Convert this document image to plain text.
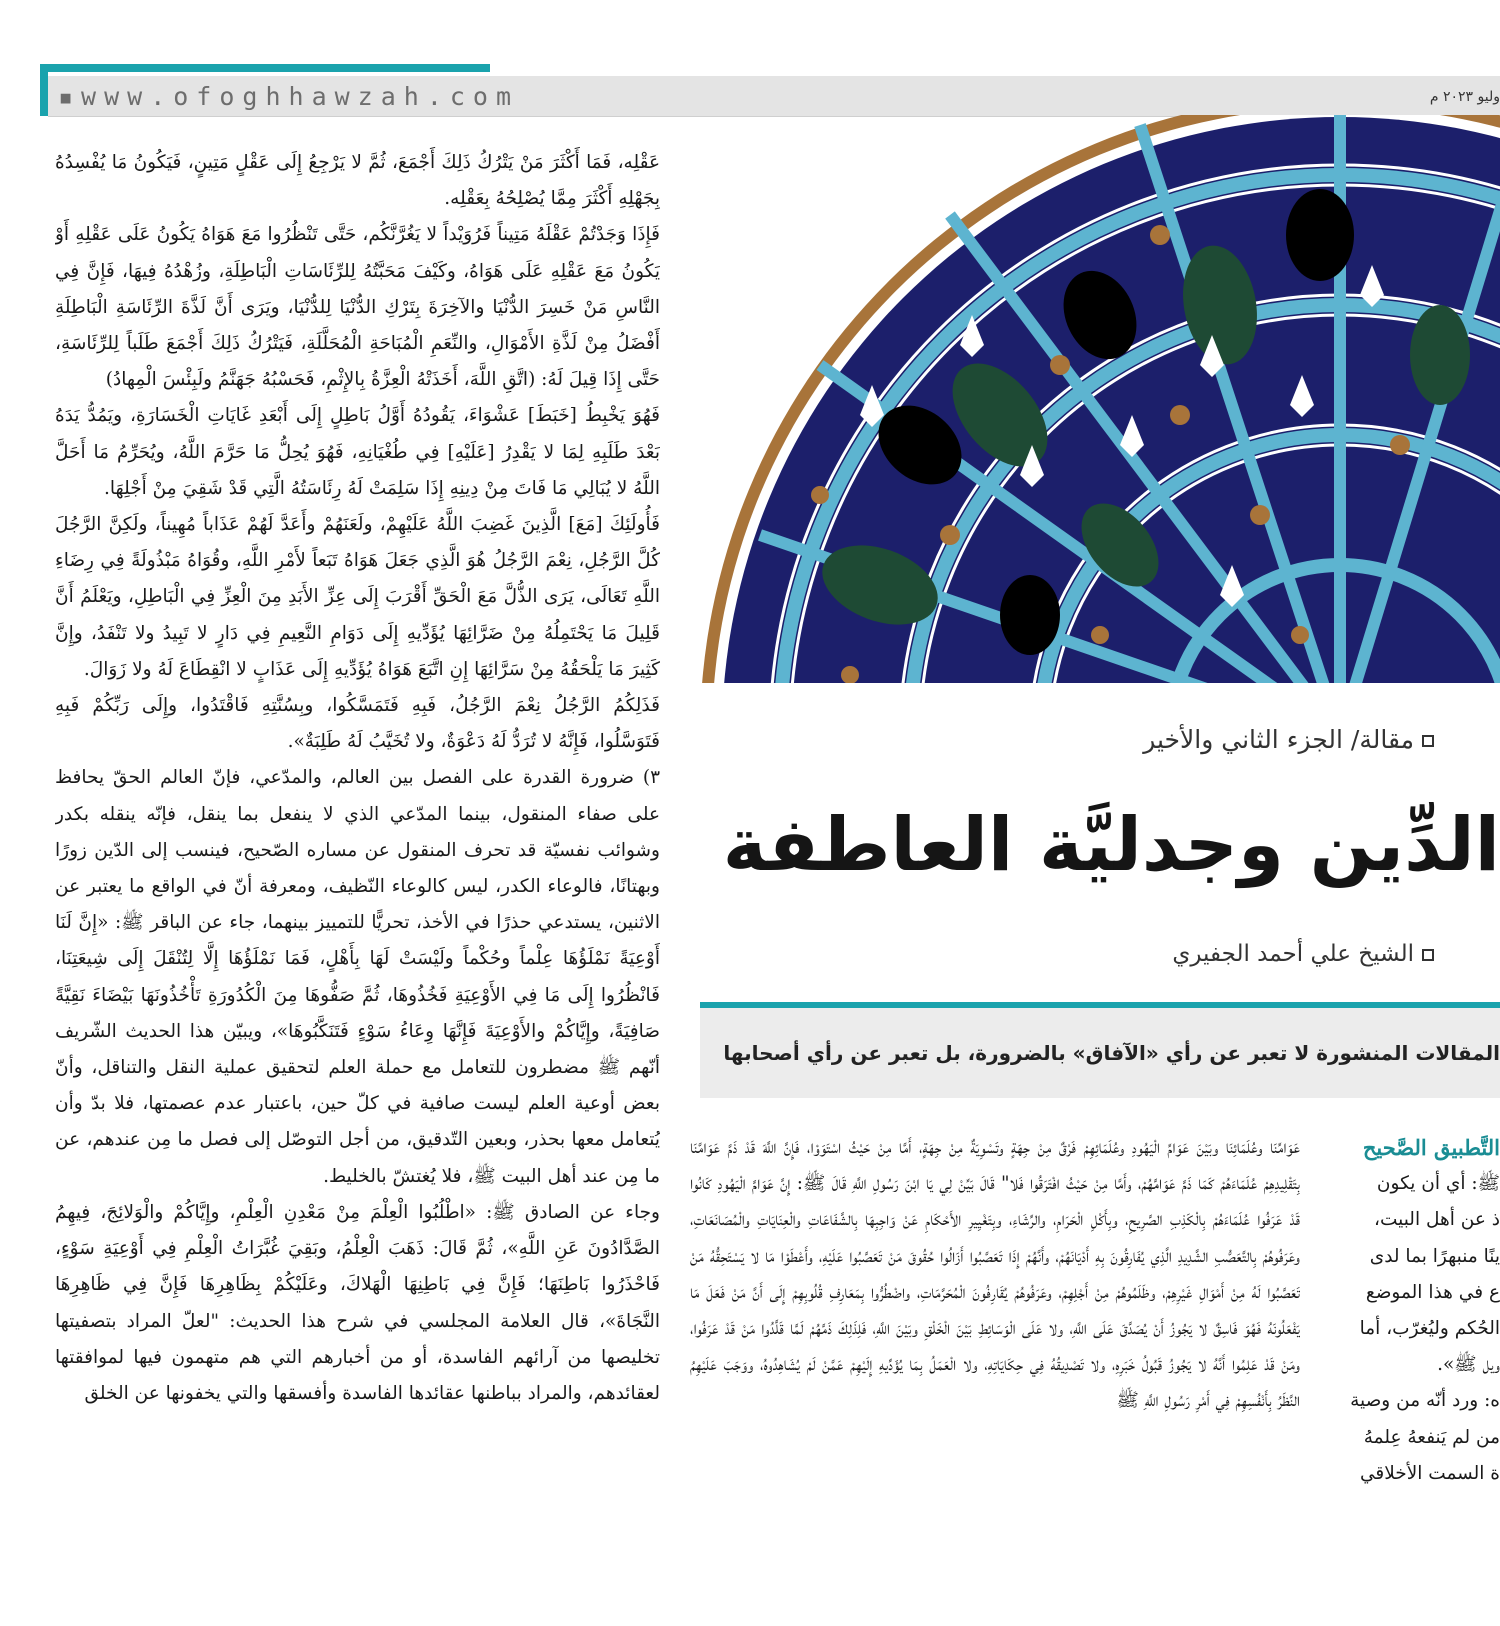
▪www.ofoghhawzah.com	وليو ٢٠٢٣ م

عَقْلِه، فَمَا أَكْثَرَ مَنْ يَتْرُكُ ذَلِكَ أَجْمَعَ، ثُمَّ لا يَرْجِعُ إِلَى عَقْلٍ مَتِينٍ، فَيَكُونُ مَا يُفْسِدُهُ بِجَهْلِهِ أَكْثَرَ مِمَّا يُصْلِحُهُ بِعَقْلِه.

فَإِذَا وَجَدْتُمْ عَقْلَهُ مَتِيناً فَرُوَيْداً لا يَغُرَّنَّكُم، حَتَّى تَنْظُرُوا مَعَ هَوَاهُ يَكُونُ عَلَى عَقْلِهِ أَوْ يَكُونُ مَعَ عَقْلِهِ عَلَى هَوَاهُ، وكَيْفَ مَحَبَّتُهُ لِلرِّئَاسَاتِ الْبَاطِلَةِ، وزُهْدُهُ فِيهَا، فَإِنَّ فِي النَّاسِ مَنْ خَسِرَ الدُّنْيَا والآخِرَةَ بِتَرْكِ الدُّنْيَا لِلدُّنْيَا، ويَرَى أَنَّ لَذَّةَ الرِّئَاسَةِ الْبَاطِلَةِ أَفْضَلُ مِنْ لَذَّةِ الأَمْوَالِ، والنِّعَمِ الْمُبَاحَةِ الْمُحَلَّلَةِ، فَيَتْرُكُ ذَلِكَ أَجْمَعَ طَلَباً لِلرِّئَاسَةِ، حَتَّى إِذَا قِيلَ لَهُ: (اتَّقِ اللَّهَ، أَخَذَتْهُ الْعِزَّةُ بِالإِثْمِ، فَحَسْبُهُ جَهَنَّمُ ولَبِئْسَ الْمِهادُ)

فَهُوَ يَخْبِطُ [خَبَطَ] عَشْوَاءَ، يَقُودُهُ أَوَّلُ بَاطِلٍ إِلَى أَبْعَدِ غَايَاتِ الْخَسَارَةِ، ويَمُدُّ يَدَهُ بَعْدَ طَلَبِهِ لِمَا لا يَقْدِرُ [عَلَيْهِ] فِي طُغْيَانِهِ، فَهُوَ يُحِلُّ مَا حَرَّمَ اللَّهُ، ويُحَرِّمُ مَا أَحَلَّ اللَّهُ لا يُبَالِي مَا فَاتَ مِنْ دِينِهِ إِذَا سَلِمَتْ لَهُ رِئَاسَتُهُ الَّتِي قَدْ شَقِيَ مِنْ أَجْلِهَا.

فَأُولَئِكَ [مَعَ] الَّذِينَ غَضِبَ اللَّهُ عَلَيْهِمْ، ولَعَنَهُمْ وأَعَدَّ لَهُمْ عَذَاباً مُهِيناً، ولَكِنَّ الرَّجُلَ كُلَّ الرَّجُلِ، نِعْمَ الرَّجُلُ هُوَ الَّذِي جَعَلَ هَوَاهُ تَبَعاً لأَمْرِ اللَّهِ، وقُوَاهُ مَبْذُولَةً فِي رِضَاءِ اللَّهِ تَعَالَى، يَرَى الذُّلَّ مَعَ الْحَقِّ أَقْرَبَ إِلَى عِزِّ الأَبَدِ مِنَ الْعِزِّ فِي الْبَاطِلِ، ويَعْلَمُ أَنَّ قَلِيلَ مَا يَحْتَمِلُهُ مِنْ ضَرَّائِهَا يُؤَدِّيهِ إِلَى دَوَامِ النَّعِيمِ فِي دَارٍ لا تَبِيدُ ولا تَنْفَدُ، وإِنَّ كَثِيرَ مَا يَلْحَقُهُ مِنْ سَرَّائِهَا إِنِ اتَّبَعَ هَوَاهُ يُؤَدِّيهِ إِلَى عَذَابٍ لا انْقِطَاعَ لَهُ ولا زَوَالَ.

فَذَلِكُمُ الرَّجُلُ نِعْمَ الرَّجُلُ، فَبِهِ فَتَمَسَّكُوا، وبِسُنَّتِهِ فَاقْتَدُوا، وإِلَى رَبِّكُمْ فَبِهِ فَتَوَسَّلُوا، فَإِنَّهُ لا تُرَدُّ لَهُ دَعْوَةٌ، ولا تُخَيَّبُ لَهُ طَلِبَةٌ».

٣) ضرورة القدرة على الفصل بين العالم، والمدّعي، فإنّ العالم الحقّ يحافظ على صفاء المنقول، بينما المدّعي الذي لا ينفعل بما ينقل، فإنّه ينقله بكدر وشوائب نفسيّة قد تحرف المنقول عن مساره الصّحيح، فينسب إلى الدّين زورًا وبهتانًا، فالوعاء الكدر، ليس كالوعاء النّظيف، ومعرفة أنّ في الواقع ما يعتبر عن الاثنين، يستدعي حذرًا في الأخذ، تحريًّا للتمييز بينهما، جاء عن الباقر ﷺ: «إِنَّ لَنَا أَوْعِيَةً نَمْلَؤُهَا عِلْماً وحُكْماً ولَيْسَتْ لَهَا بِأَهْلٍ، فَمَا نَمْلَؤُهَا إِلَّا لِتُنْقَلَ إِلَى شِيعَتِنَا، فَانْظُرُوا إِلَى مَا فِي الأَوْعِيَةِ فَخُذُوهَا، ثُمَّ صَفُّوهَا مِنَ الْكُدُورَةِ تَأْخُذُونَهَا بَيْضَاءَ نَقِيَّةً صَافِيَةً، وإِيَّاكُمْ والأَوْعِيَةَ فَإِنَّهَا وِعَاءُ سَوْءٍ فَتَنَكَّبُوهَا»، ويبيّن هذا الحديث الشّريف أنّهم ﷺ مضطرون للتعامل مع حملة العلم لتحقيق عملية النقل والتناقل، وأنّ بعض أوعية العلم ليست صافية في كلّ حين، باعتبار عدم عصمتها، فلا بدّ وأن يُتعامل معها بحذر، وبعين التّدقيق، من أجل التوصّل إلى فصل ما مِن عندهم، عن ما مِن عند أهل البيت ﷺ، فلا يُغتشّ بالخليط.

وجاء عن الصادق ﷺ: «اطْلُبُوا الْعِلْمَ مِنْ مَعْدِنِ الْعِلْمِ، وإِيَّاكُمْ والْوَلائِجَ، فِيهِمُ الصَّدَّادُونَ عَنِ اللَّهِ»، ثُمَّ قَالَ: ذَهَبَ الْعِلْمُ، وبَقِيَ غُبَّرَاتُ الْعِلْمِ فِي أَوْعِيَةِ سَوْءٍ، فَاحْذَرُوا بَاطِنَهَا؛ فَإِنَّ فِي بَاطِنِهَا الْهَلاكَ، وعَلَيْكُمْ بِظَاهِرِهَا فَإِنَّ فِي ظَاهِرِهَا النَّجَاةَ»، قال العلامة المجلسي في شرح هذا الحديث: "لعلّ المراد بتصفيتها تخليصها من آرائهم الفاسدة، أو من أخبارهم التي هم متهمون فيها لموافقتها لعقائدهم، والمراد بباطنها عقائدها الفاسدة وأفسقها والتي يخفونها عن الخلق

مقالة/ الجزء الثاني والأخير
الدِّين وجدليَّة العاطفة
الشيخ علي أحمد الجفيري
المقالات المنشورة لا تعبر عن رأي «الآفاق» بالضرورة، بل تعبر عن رأي أصحابها
عَوَامِّنَا وعُلَمَائِنَا وبَيْنَ عَوَامِّ الْيَهُودِ وعُلَمَائِهِمْ فَرْقٌ مِنْ جِهَةٍ وتَسْوِيَةٌ مِنْ جِهَةٍ، أَمَّا مِنْ حَيْثُ اسْتَوَوْا، فَإِنَّ اللَّهَ قَدْ ذَمَّ عَوَامَّنَا بِتَقْلِيدِهِمْ عُلَمَاءَهُمْ كَمَا ذَمَّ عَوَامَّهُمْ، وأَمَّا مِنْ حَيْثُ افْتَرَقُوا فَلا" قَالَ بَيِّنْ لِي يَا ابْنَ رَسُولِ اللَّهِ قَالَ ﷺ: إِنَّ عَوَامَّ الْيَهُودِ كَانُوا قَدْ عَرَفُوا عُلَمَاءَهُمْ بِالْكَذِبِ الصَّرِيحِ، وبِأَكْلِ الْحَرَامِ، والرِّشَاءِ، وبِتَغْيِيرِ الأَحْكَامِ عَنْ وَاجِبِهَا بِالشَّفَاعَاتِ والْعِنَايَاتِ والْمُصَانَعَاتِ، وعَرَفُوهُمْ بِالتَّعَصُّبِ الشَّدِيدِ الَّذِي يُفَارِقُونَ بِهِ أَدْيَانَهُمْ، وأَنَّهُمْ إِذَا تَعَصَّبُوا أَزَالُوا حُقُوقَ مَنْ تَعَصَّبُوا عَلَيْهِ، وأَعْطَوْا مَا لا يَسْتَحِقُّهُ مَنْ تَعَصَّبُوا لَهُ مِنْ أَمْوَالِ غَيْرِهِمْ، وظَلَمُوهُمْ مِنْ أَجْلِهِمْ، وعَرَفُوهُمْ يُقَارِفُونَ الْمُحَرَّمَاتِ، واضْطُرُّوا بِمَعَارِفِ قُلُوبِهِمْ إِلَى أَنَّ مَنْ فَعَلَ مَا يَفْعَلُونَهُ فَهُوَ فَاسِقٌ لا يَجُوزُ أَنْ يُصَدَّقَ عَلَى اللَّهِ، ولا عَلَى الْوَسَائِطِ بَيْنَ الْخَلْقِ وبَيْنَ اللَّهِ، فَلِذَلِكَ ذَمَّهُمْ لَمَّا قَلَّدُوا مَنْ قَدْ عَرَفُوا، ومَنْ قَدْ عَلِمُوا أَنَّهُ لا يَجُوزُ قَبُولُ خَبَرِهِ، ولا تَصْدِيقُهُ فِي حِكَايَاتِهِ، ولا الْعَمَلُ بِمَا يُؤَدِّيهِ إِلَيْهِمْ عَمَّنْ لَمْ يُشَاهِدُوهُ، ووَجَبَ عَلَيْهِمُ النَّظَرُ بِأَنْفُسِهِمْ فِي أَمْرِ رَسُولِ اللَّهِ ﷺ
التَّطبيق الصَّحيح
ﷺ: أي أن يكون
ذ عن أهل البيت،
ينًا منبهرًا بما لدى
ع في هذا الموضع
الحُكم وليُغرّب، أما
ويل ﷺ».
ه: ورد أنّه من وصية
من لم يَنفعهُ عِلمهُ
ة السمت الأخلاقي
